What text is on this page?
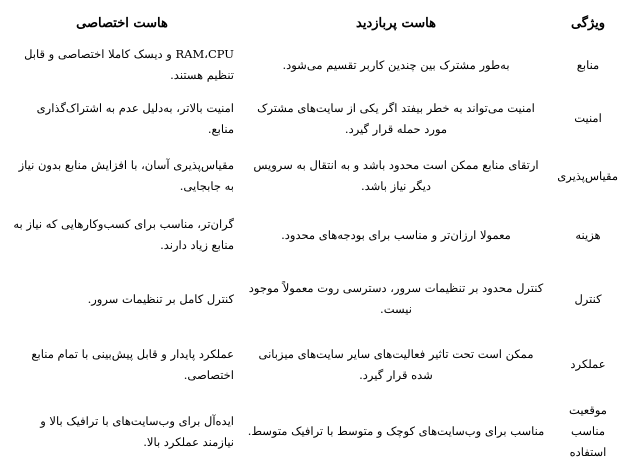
ویژگی	هاست پربازدید	هاست اختصاصی
منابع	به‌طور مشترک بین چندین کاربر تقسیم می‌شود.	RAM،CPU و دیسک کاملا اختصاصی و قابل تنظیم هستند.
امنیت	امنیت می‌تواند به خطر بیفتد اگر یکی از سایت‌های مشترک مورد حمله قرار گیرد.	امنیت بالاتر، به‌دلیل عدم به اشتراک‌گذاری منابع.
مقیاس‌پذیری	ارتقای منابع ممکن است محدود باشد و به انتقال به سرویس دیگر نیاز باشد.	مقیاس‌پذیری آسان، با افزایش منابع بدون نیاز به جابجایی.
هزینه	معمولا ارزان‌تر و مناسب برای بودجه‌های محدود.	گران‌تر، مناسب برای کسب‌وکارهایی که نیاز به منابع زیاد دارند.
کنترل	کنترل محدود بر تنظیمات سرور، دسترسی روت معمولاً موجود نیست.	کنترل کامل بر تنظیمات سرور.
عملکرد	ممکن است تحت تاثیر فعالیت‌های سایر سایت‌های میزبانی شده قرار گیرد.	عملکرد پایدار و قابل پیش‌بینی با تمام منابع اختصاصی.
موقعیت مناسب استفاده	مناسب برای وب‌سایت‌های کوچک و متوسط با ترافیک متوسط.	ایده‌آل برای وب‌سایت‌های با ترافیک بالا و نیازمند عملکرد بالا.
